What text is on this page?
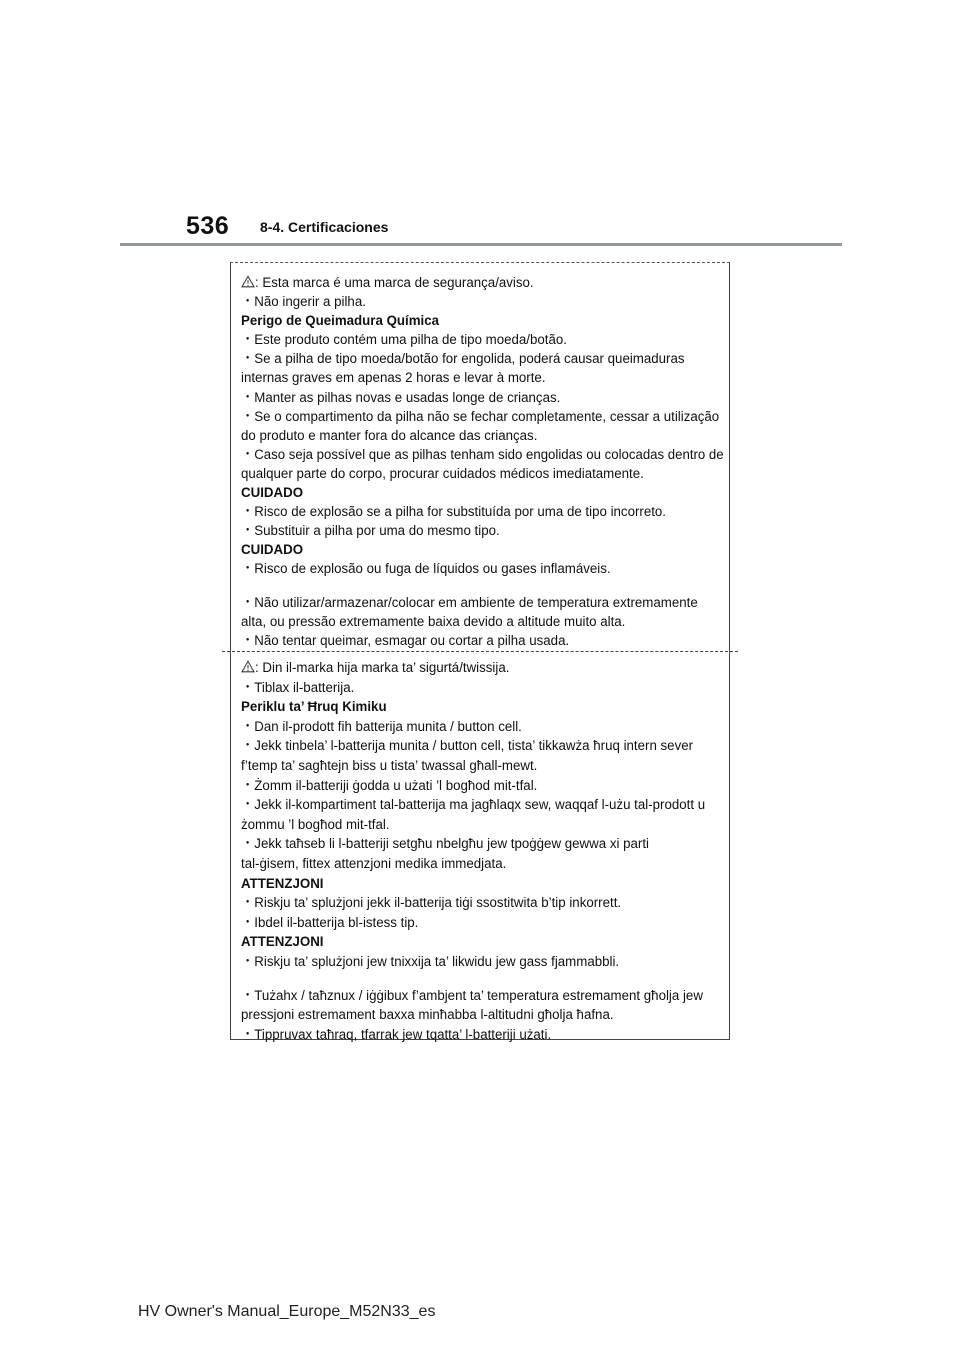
536 8-4. Certificaciones
: Esta marca é uma marca de segurança/aviso.
・Não ingerir a pilha.
Perigo de Queimadura Química
・Este produto contém uma pilha de tipo moeda/botão.
・Se a pilha de tipo moeda/botão for engolida, poderá causar queimaduras
internas graves em apenas 2 horas e levar à morte.
・Manter as pilhas novas e usadas longe de crianças.
・Se o compartimento da pilha não se fechar completamente, cessar a utilização
do produto e manter fora do alcance das crianças.
・Caso seja possível que as pilhas tenham sido engolidas ou colocadas dentro de
qualquer parte do corpo, procurar cuidados médicos imediatamente.
CUIDADO
・Risco de explosão se a pilha for substituída por uma de tipo incorreto.
・Substituir a pilha por uma do mesmo tipo.
CUIDADO
・Risco de explosão ou fuga de líquidos ou gases inflamáveis.
・Não utilizar/armazenar/colocar em ambiente de temperatura extremamente
alta, ou pressão extremamente baixa devido a altitude muito alta.
・Não tentar queimar, esmagar ou cortar a pilha usada.
: Din il-marka hija marka ta’ sigurtá/twissija.
・Tiblax il-batterija.
Periklu ta’ Ħruq Kimiku
・Dan il-prodott fih batterija munita / button cell.
・Jekk tinbela’ l-batterija munita / button cell, tista’ tikkawża ħruq intern sever
f’temp ta’ sagħtejn biss u tista’ twassal għall-mewt.
・Żomm il-batteriji ġodda u użati ’l bogħod mit-tfal.
・Jekk il-kompartiment tal-batterija ma jagħlaqx sew, waqqaf l-użu tal-prodott u
żommu ’l bogħod mit-tfal.
・Jekk taħseb li l-batteriji setgħu nbelgħu jew tpoġġew gewwa xi parti
tal-ġisem, fittex attenzjoni medika immedjata.
ATTENZJONI
・Riskju ta’ splużjoni jekk il-batterija tiġi ssostitwita b’tip inkorrett.
・Ibdel il-batterija bl-istess tip.
ATTENZJONI
・Riskju ta’ splużjoni jew tnixxija ta’ likwidu jew gass fjammabbli.
・Tużahx / taħznux / iġġibux f’ambjent ta’ temperatura estremament għolja jew
pressjoni estremament baxxa minħabba l-altitudni għolja ħafna.
・Tippruvax taħraq, tfarrak jew tqatta’ l-batteriji użati.
HV Owner's Manual_Europe_M52N33_es
